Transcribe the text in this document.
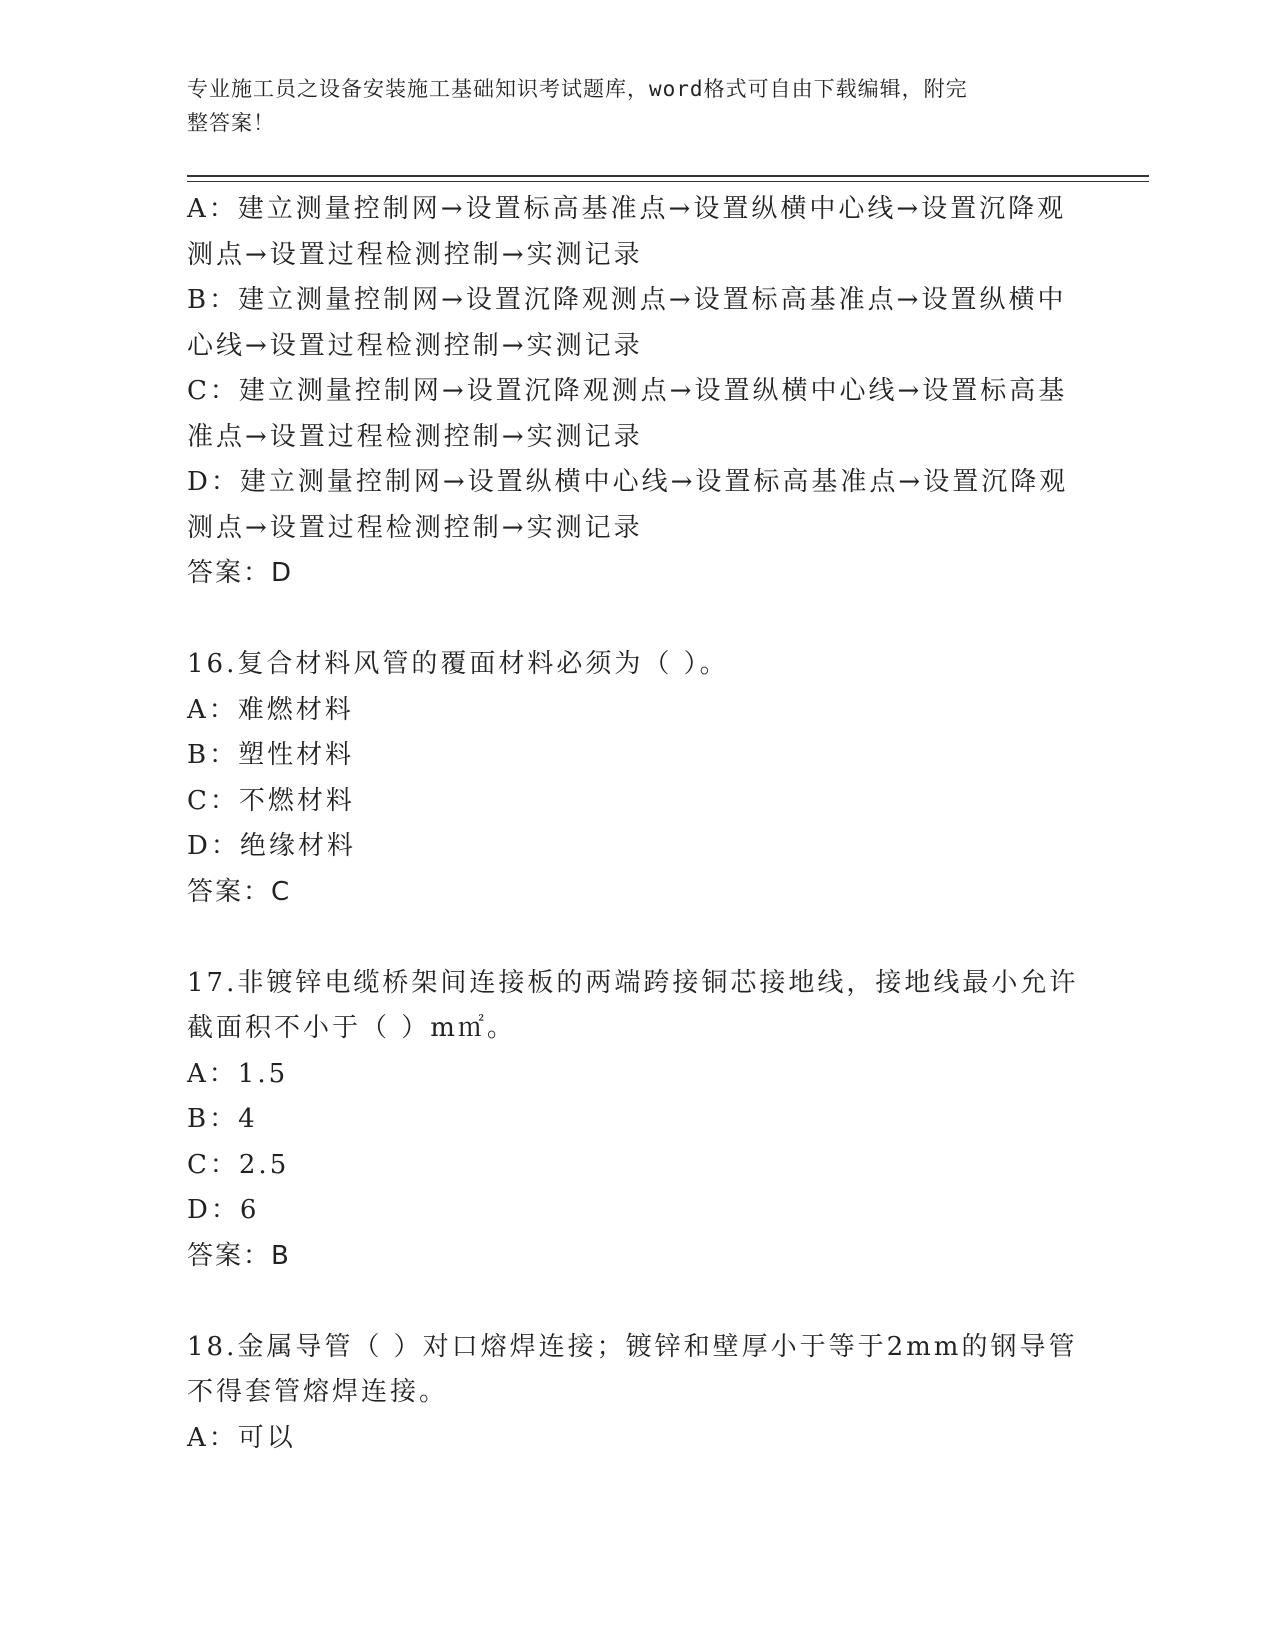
专业施工员之设备安装施工基础知识考试题库，word格式可自由下载编辑，附完
整答案！
A：建立测量控制网→设置标高基准点→设置纵横中心线→设置沉降观
测点→设置过程检测控制→实测记录
B：建立测量控制网→设置沉降观测点→设置标高基准点→设置纵横中
心线→设置过程检测控制→实测记录
C：建立测量控制网→设置沉降观测点→设置纵横中心线→设置标高基
准点→设置过程检测控制→实测记录
D：建立测量控制网→设置纵横中心线→设置标高基准点→设置沉降观
测点→设置过程检测控制→实测记录
答案：D
16.复合材料风管的覆面材料必须为（ ）。
A：难燃材料
B：塑性材料
C：不燃材料
D：绝缘材料
答案：C
17.非镀锌电缆桥架间连接板的两端跨接铜芯接地线，接地线最小允许
截面积不小于（ ）m㎡。
A：1.5
B：4
C：2.5
D：6
答案：B
18.金属导管（ ）对口熔焊连接；镀锌和壁厚小于等于2mm的钢导管
不得套管熔焊连接。
A：可以
